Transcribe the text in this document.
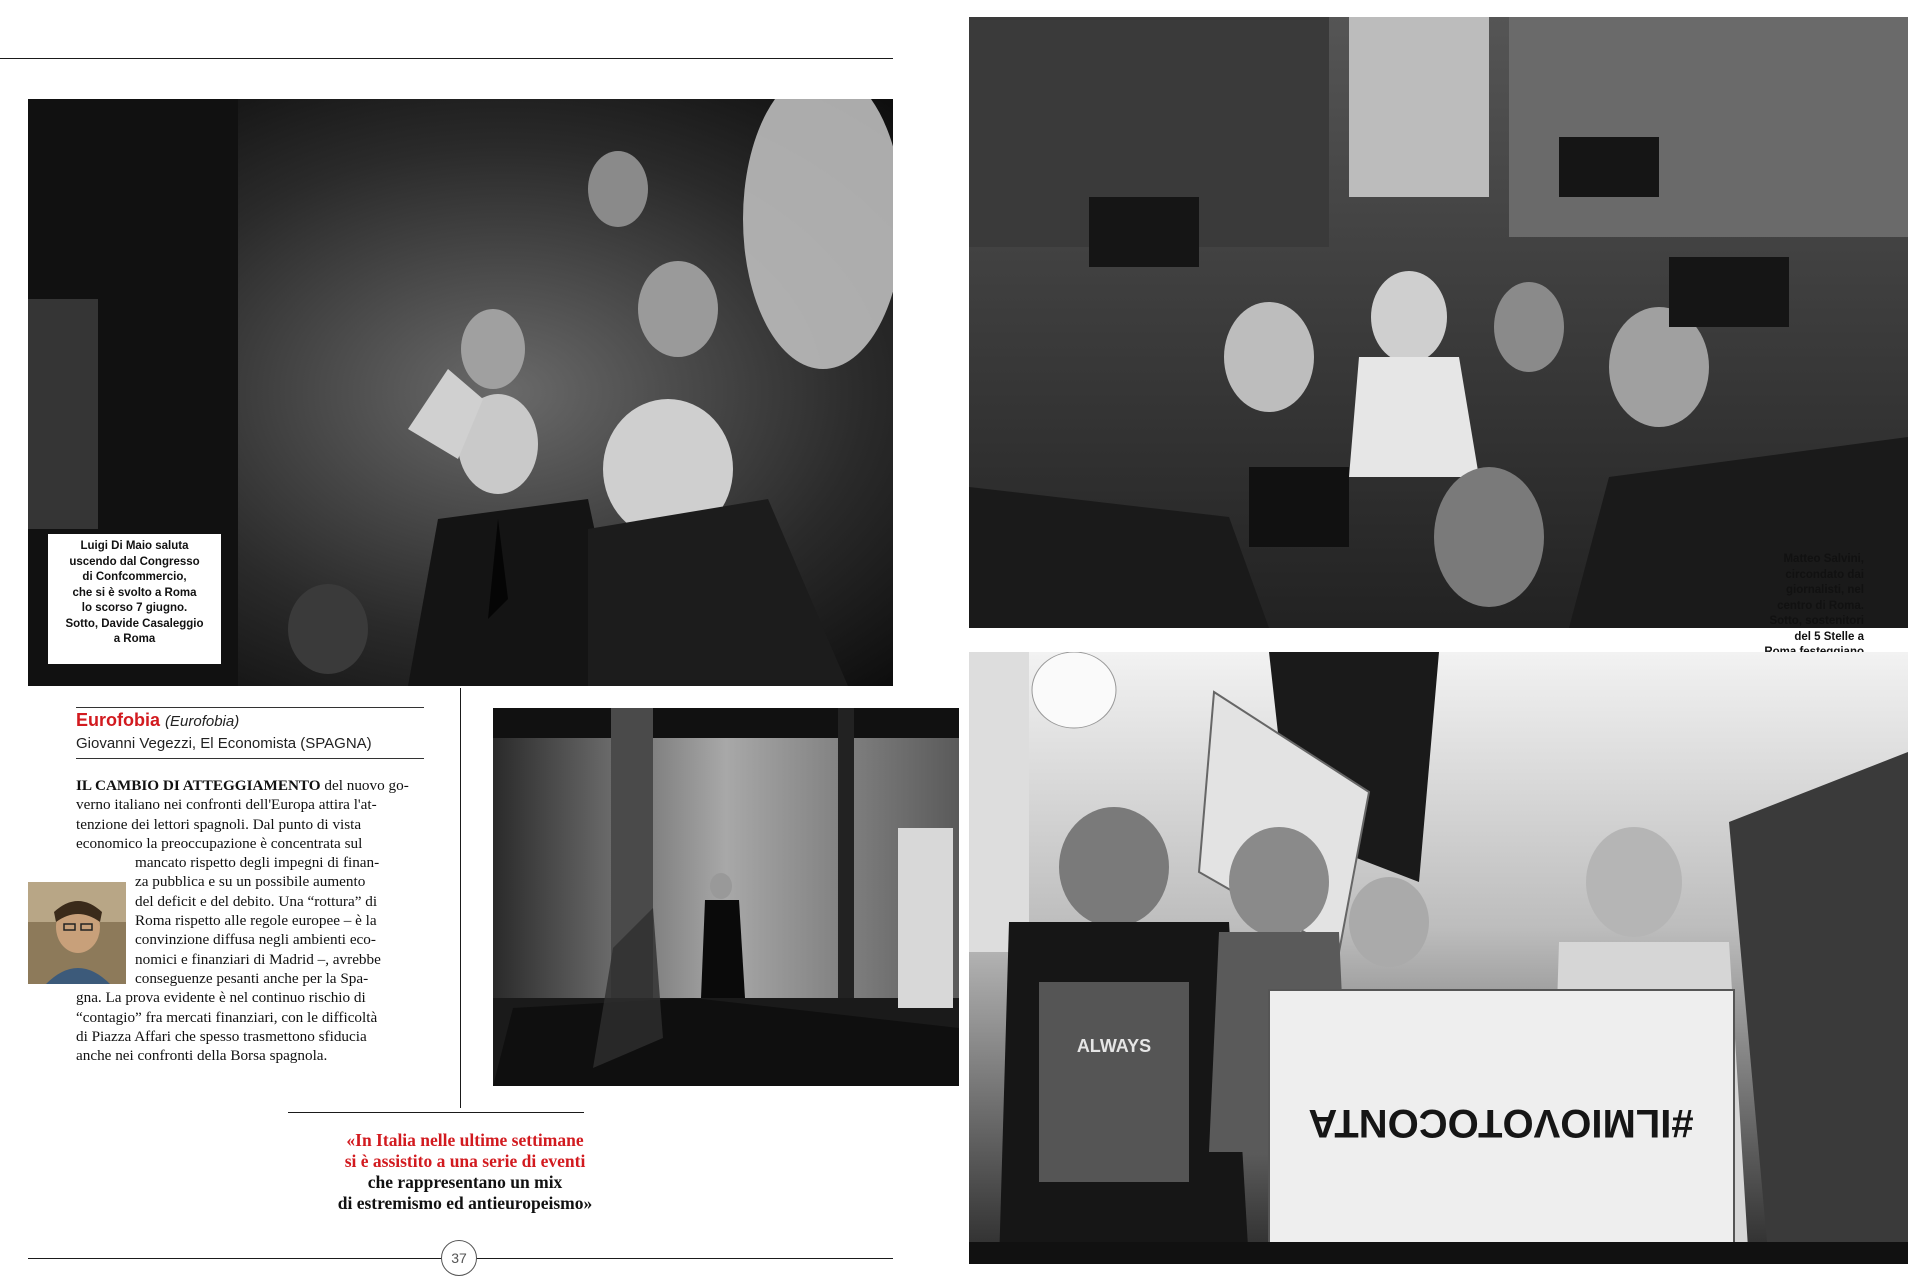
Luigi Di Maio saluta
uscendo dal Congresso
di Confcommercio,
che si è svolto a Roma
lo scorso 7 giugno.
Sotto, Davide Casaleggio
a Roma
Matteo Salvini,
circondato dai
giornalisti, nel
centro di Roma.
Sotto, sostenitori
del 5 Stelle a
#ILMIOVOTOCONTA
ALWAYS
Eurofobia (Eurofobia)
Giovanni Vegezzi, El Economista (SPAGNA)
IL CAMBIO DI ATTEGGIAMENTO del nuovo go-
verno italiano nei confronti dell'Europa attira l'at-
tenzione dei lettori spagnoli. Dal punto di vista
economico la preoccupazione è concentrata sul
mancato rispetto degli impegni di finan-
za pubblica e su un possibile aumento
del deficit e del debito. Una “rottura” di
Roma rispetto alle regole europee – è la
convinzione diffusa negli ambienti eco-
nomici e finanziari di Madrid –, avrebbe
conseguenze pesanti anche per la Spa-
gna. La prova evidente è nel continuo rischio di
“contagio” fra mercati finanziari, con le difficoltà
di Piazza Affari che spesso trasmettono sfiducia
anche nei confronti della Borsa spagnola.
«In Italia nelle ultime settimane
si è assistito a una serie di eventi
che rappresentano un mix
di estremismo ed antieuropeismo»
37
